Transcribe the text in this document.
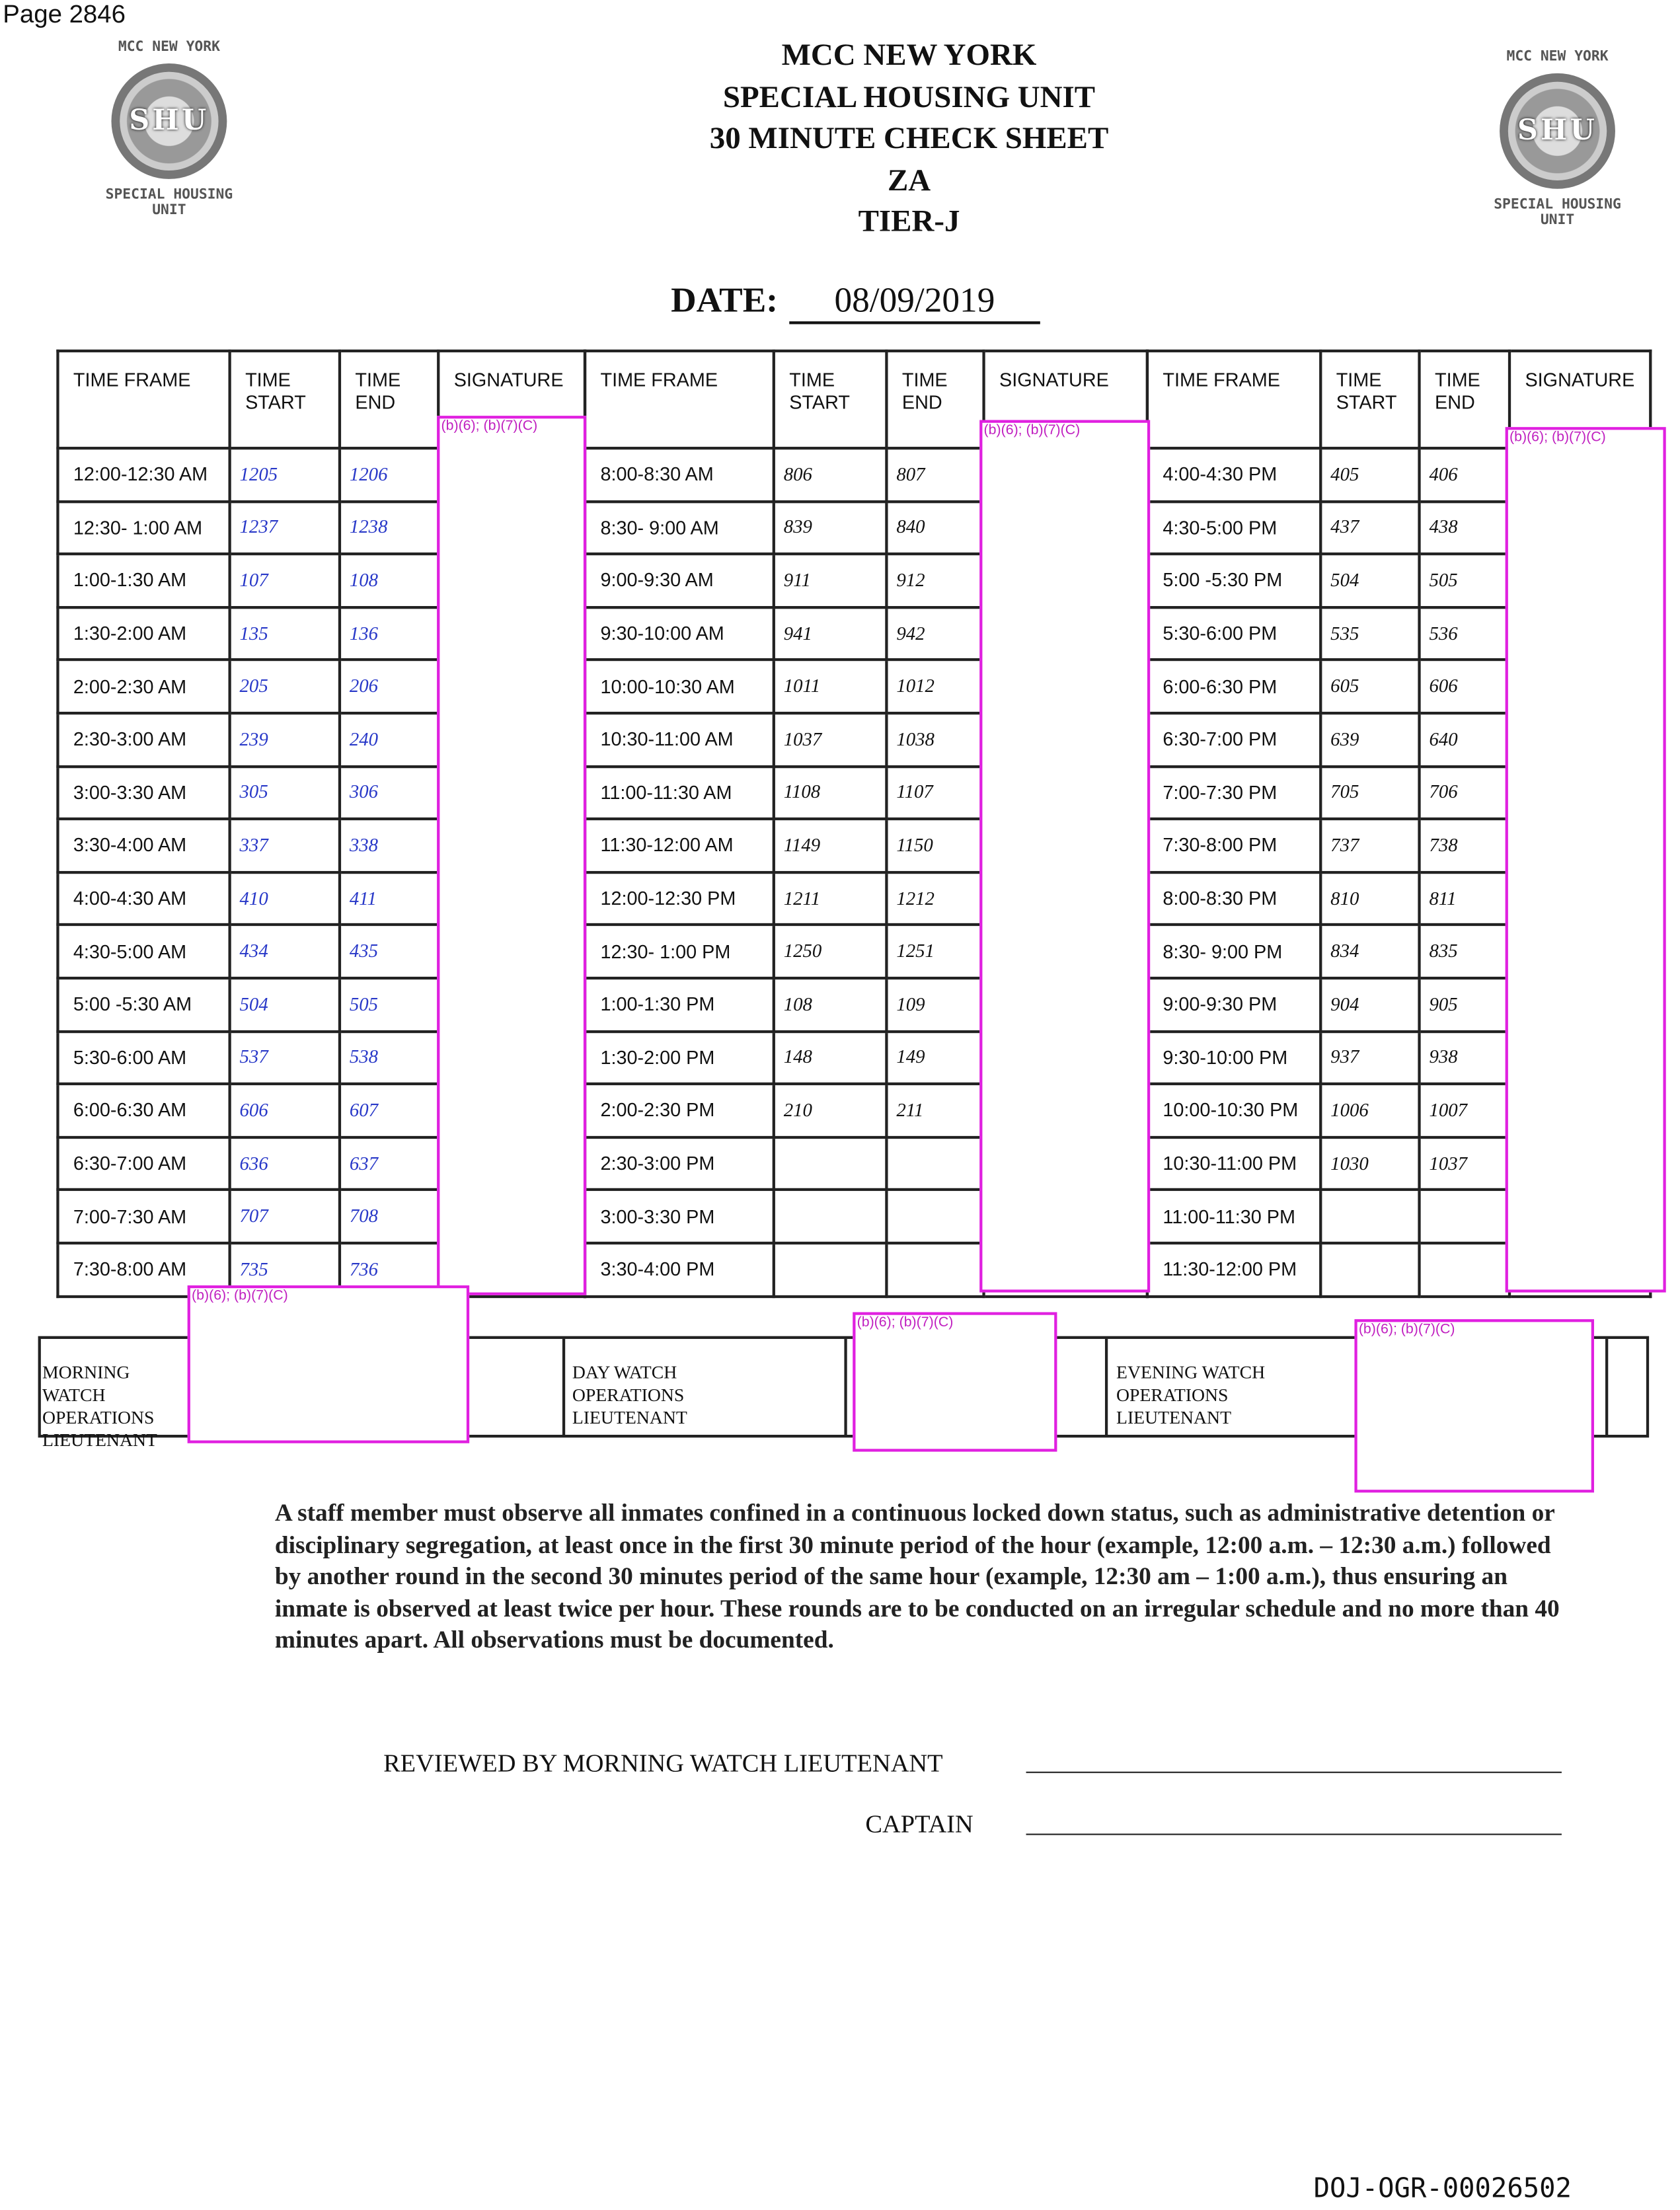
Page 2846
MCC NEW YORK
SHU
SPECIAL HOUSING UNIT
MCC NEW YORK
SHU
SPECIAL HOUSING UNIT
MCC NEW YORK
SPECIAL HOUSING UNIT
30 MINUTE CHECK SHEET
ZA
TIER-J
DATE:	08/09/2019
TIME FRAME	TIME START	TIME END	SIGNATURE
12:00-12:30 AM	1205	1206	
12:30- 1:00 AM	1237	1238	
1:00-1:30 AM	107	108	
1:30-2:00 AM	135	136	
2:00-2:30 AM	205	206	
2:30-3:00 AM	239	240	
3:00-3:30 AM	305	306	
3:30-4:00 AM	337	338	
4:00-4:30 AM	410	411	
4:30-5:00 AM	434	435	
5:00 -5:30 AM	504	505	
5:30-6:00 AM	537	538	
6:00-6:30 AM	606	607	
6:30-7:00 AM	636	637	
7:00-7:30 AM	707	708	
7:30-8:00 AM	735	736	
TIME FRAME	TIME START	TIME END	SIGNATURE
8:00-8:30 AM	806	807	
8:30- 9:00 AM	839	840	
9:00-9:30 AM	911	912	
9:30-10:00 AM	941	942	
10:00-10:30 AM	1011	1012	
10:30-11:00 AM	1037	1038	
11:00-11:30 AM	1108	1107	
11:30-12:00 AM	1149	1150	
12:00-12:30 PM	1211	1212	
12:30- 1:00 PM	1250	1251	
1:00-1:30 PM	108	109	
1:30-2:00 PM	148	149	
2:00-2:30 PM	210	211	
2:30-3:00 PM			
3:00-3:30 PM			
3:30-4:00 PM			
TIME FRAME	TIME START	TIME END	SIGNATURE
4:00-4:30 PM	405	406	
4:30-5:00 PM	437	438	
5:00 -5:30 PM	504	505	
5:30-6:00 PM	535	536	
6:00-6:30 PM	605	606	
6:30-7:00 PM	639	640	
7:00-7:30 PM	705	706	
7:30-8:00 PM	737	738	
8:00-8:30 PM	810	811	
8:30- 9:00 PM	834	835	
9:00-9:30 PM	904	905	
9:30-10:00 PM	937	938	
10:00-10:30 PM	1006	1007	
10:30-11:00 PM	1030	1037	
11:00-11:30 PM			
11:30-12:00 PM			
(b)(6); (b)(7)(C)	(b)(6); (b)(7)(C)	(b)(6); (b)(7)(C)
MORNING WATCH OPERATIONS LIEUTENANT
DAY WATCH OPERATIONS LIEUTENANT
EVENING WATCH OPERATIONS LIEUTENANT
(b)(6); (b)(7)(C)
(b)(6); (b)(7)(C)	(b)(6); (b)(7)(C)
A staff member must observe all inmates confined in a continuous locked down status, such as administrative detention or disciplinary segregation, at least once in the first 30 minute period of the hour (example, 12:00 a.m. – 12:30 a.m.) followed by another round in the second 30 minutes period of the same hour (example, 12:30 am – 1:00 a.m.), thus ensuring an inmate is observed at least twice per hour. These rounds are to be conducted on an irregular schedule and no more than 40 minutes apart. All observations must be documented.
REVIEWED BY MORNING WATCH LIEUTENANT
CAPTAIN
DOJ-OGR-00026502
